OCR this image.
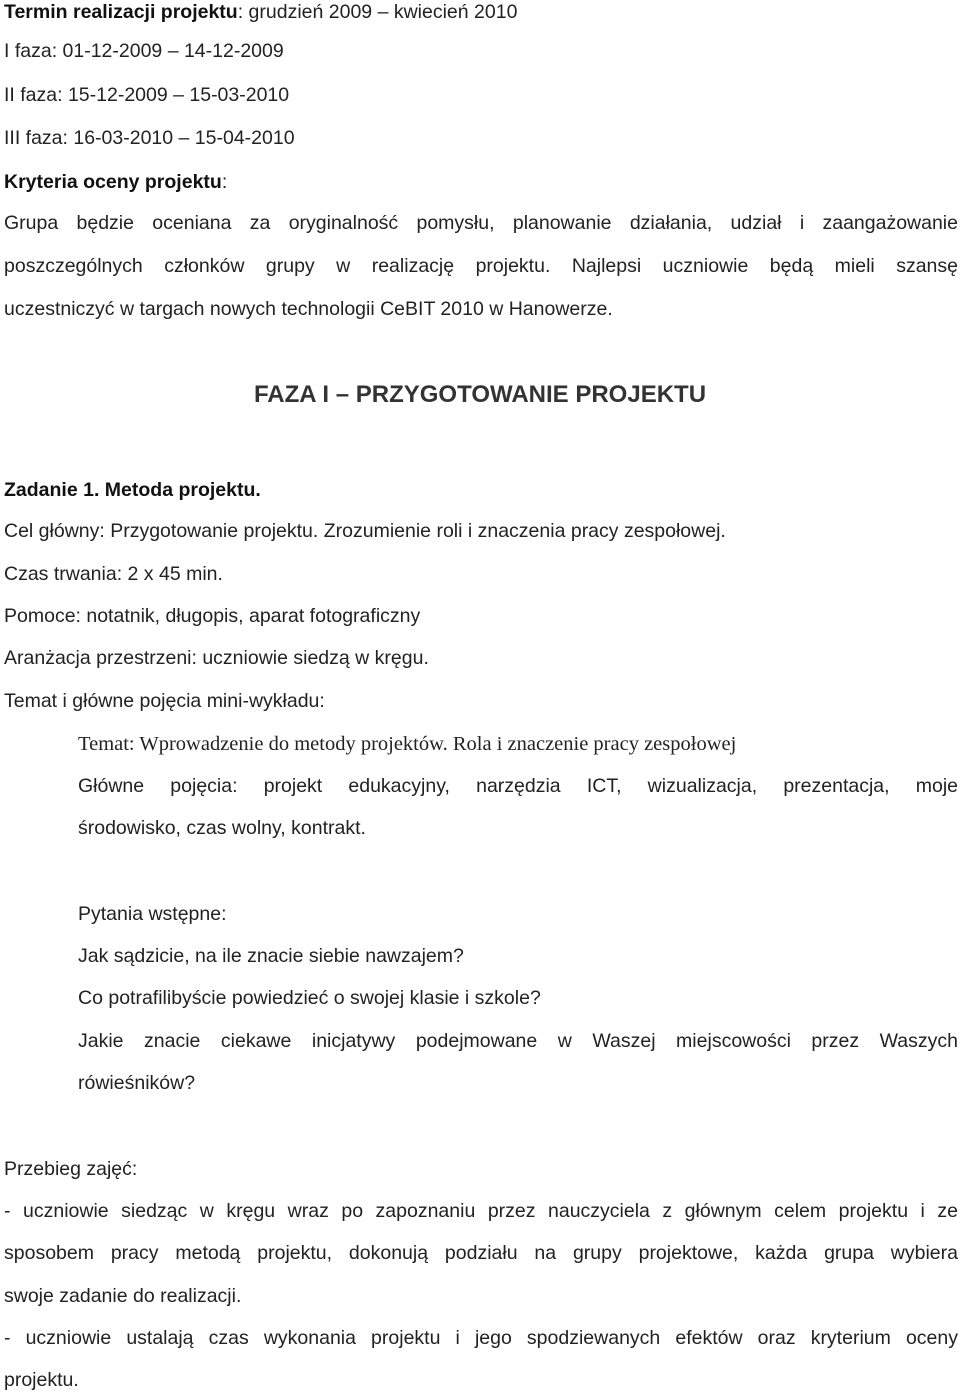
Termin realizacji projektu: grudzień 2009 – kwiecień 2010
I faza: 01-12-2009 – 14-12-2009
II faza: 15-12-2009 – 15-03-2010
III faza: 16-03-2010 – 15-04-2010
Kryteria oceny projektu:
Grupa będzie oceniana za oryginalność pomysłu, planowanie działania, udział i zaangażowanie
poszczególnych członków grupy w realizację projektu. Najlepsi uczniowie będą mieli szansę
uczestniczyć w targach nowych technologii CeBIT 2010 w Hanowerze.
FAZA I – PRZYGOTOWANIE PROJEKTU
Zadanie 1. Metoda projektu.
Cel główny: Przygotowanie projektu. Zrozumienie roli i znaczenia pracy zespołowej.
Czas trwania: 2 x 45 min.
Pomoce: notatnik, długopis, aparat fotograficzny
Aranżacja przestrzeni: uczniowie siedzą w kręgu.
Temat i główne pojęcia mini-wykładu:
Temat: Wprowadzenie do metody projektów. Rola i znaczenie pracy zespołowej
Główne pojęcia: projekt edukacyjny, narzędzia ICT, wizualizacja, prezentacja, moje
środowisko, czas wolny, kontrakt.
Pytania wstępne:
Jak sądzicie, na ile znacie siebie nawzajem?
Co potrafilibyście powiedzieć o swojej klasie i szkole?
Jakie znacie ciekawe inicjatywy podejmowane w Waszej miejscowości przez Waszych
rówieśników?
Przebieg zajęć:
- uczniowie siedząc w kręgu wraz po zapoznaniu przez nauczyciela z głównym celem projektu i ze
sposobem pracy metodą projektu, dokonują podziału na grupy projektowe, każda grupa wybiera
swoje zadanie do realizacji.
- uczniowie ustalają czas wykonania projektu i jego spodziewanych efektów oraz kryterium oceny
projektu.
